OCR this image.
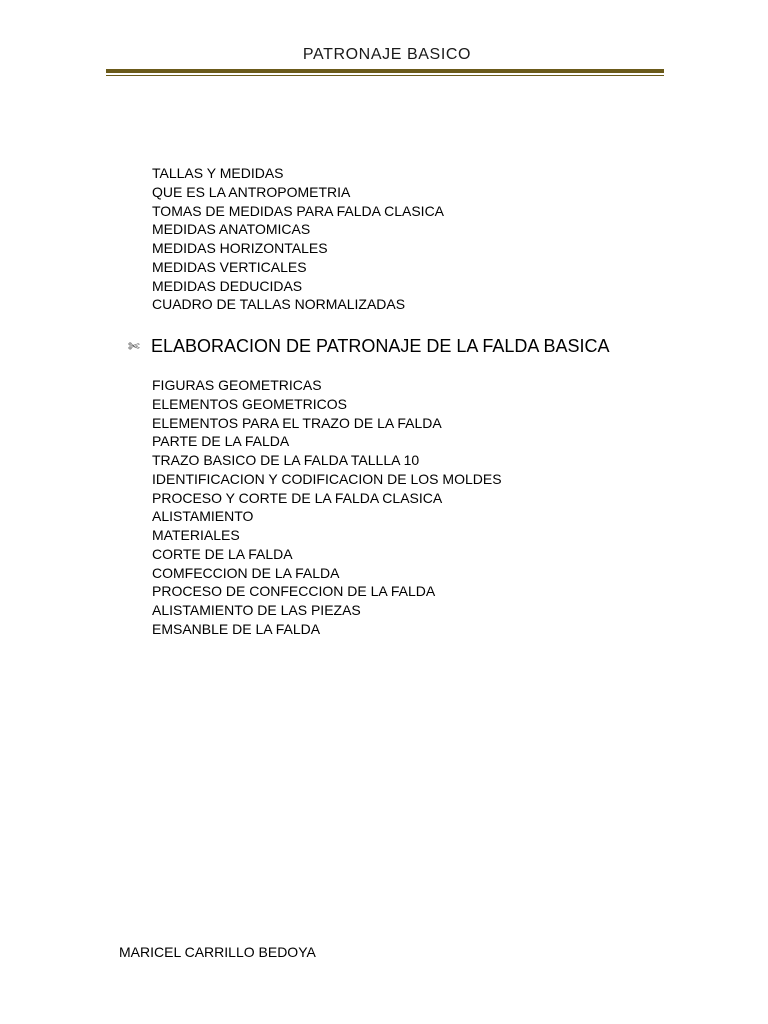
PATRONAJE BASICO
TALLAS Y MEDIDAS
QUE ES LA ANTROPOMETRIA
TOMAS DE MEDIDAS PARA FALDA CLASICA
MEDIDAS ANATOMICAS
MEDIDAS HORIZONTALES
MEDIDAS VERTICALES
MEDIDAS DEDUCIDAS
CUADRO DE TALLAS NORMALIZADAS
✄ ELABORACION DE PATRONAJE DE LA FALDA BASICA
FIGURAS GEOMETRICAS
ELEMENTOS GEOMETRICOS
ELEMENTOS PARA EL TRAZO DE LA FALDA
PARTE DE LA FALDA
TRAZO BASICO DE LA FALDA TALLLA 10
IDENTIFICACION Y CODIFICACION DE LOS MOLDES
PROCESO Y CORTE DE LA FALDA CLASICA
ALISTAMIENTO
MATERIALES
CORTE DE LA FALDA
COMFECCION DE LA FALDA
PROCESO DE CONFECCION DE LA FALDA
ALISTAMIENTO DE LAS PIEZAS
EMSANBLE DE LA FALDA
MARICEL CARRILLO BEDOYA
